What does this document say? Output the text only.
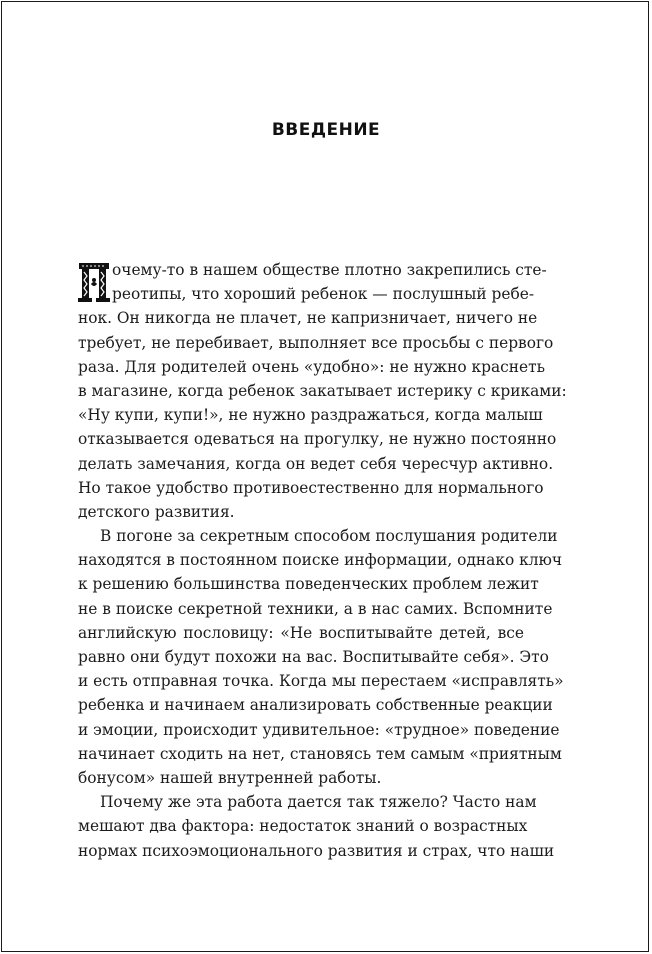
ВВЕДЕНИЕ
очему-то в нашем обществе плотно закрепились сте-
реотипы, что хороший ребенок — послушный ребе-
нок. Он никогда не плачет, не капризничает, ничего не
требует, не перебивает, выполняет все просьбы с первого
раза. Для родителей очень «удобно»: не нужно краснеть
в магазине, когда ребенок закатывает истерику с криками:
«Ну купи, купи!», не нужно раздражаться, когда малыш
отказывается одеваться на прогулку, не нужно постоянно
делать замечания, когда он ведет себя чересчур активно.
Но такое удобство противоестественно для нормального
детского развития.
В погоне за секретным способом послушания родители
находятся в постоянном поиске информации, однако ключ
к решению большинства поведенческих проблем лежит
не в поиске секретной техники, а в нас самих. Вспомните
английскую пословицу: «Не воспитывайте детей, все
равно они будут похожи на вас. Воспитывайте себя». Это
и есть отправная точка. Когда мы перестаем «исправлять»
ребенка и начинаем анализировать собственные реакции
и эмоции, происходит удивительное: «трудное» поведение
начинает сходить на нет, становясь тем самым «приятным
бонусом» нашей внутренней работы.
Почему же эта работа дается так тяжело? Часто нам
мешают два фактора: недостаток знаний о возрастных
нормах психоэмоционального развития и страх, что наши
